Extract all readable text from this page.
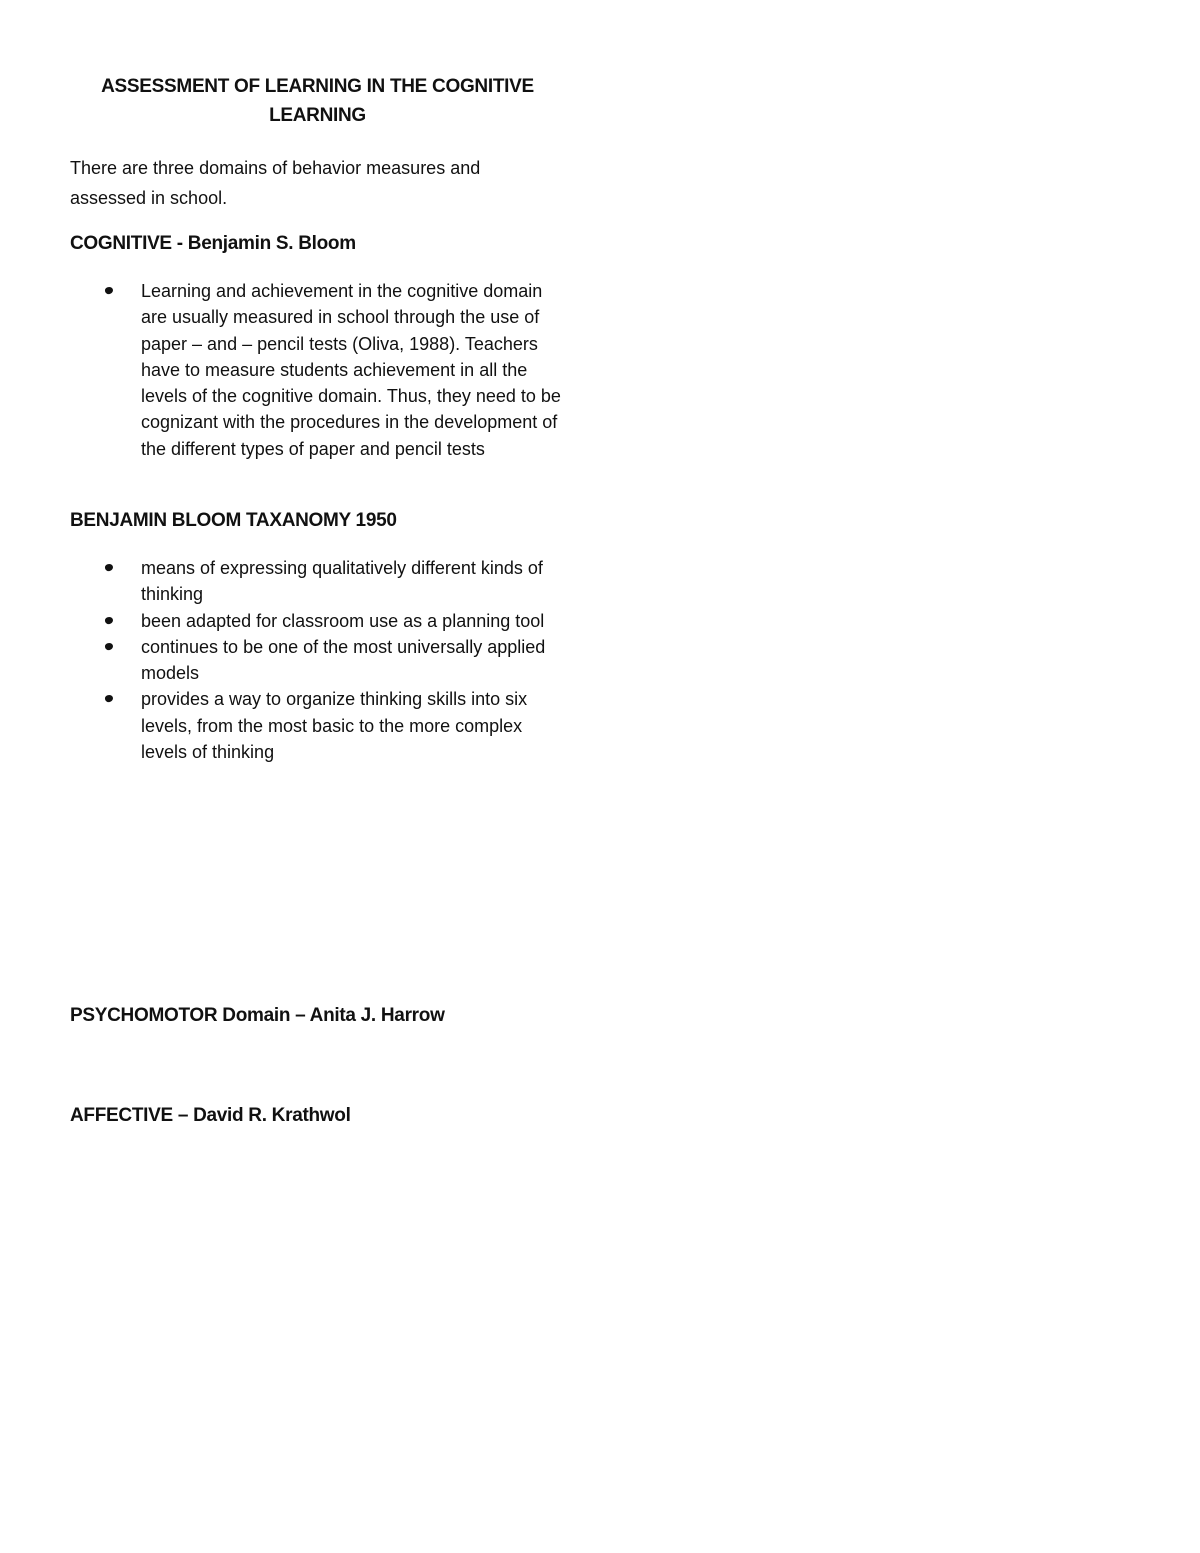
ASSESSMENT OF LEARNING IN THE COGNITIVE LEARNING
There are three domains of behavior measures and assessed in school.
COGNITIVE - Benjamin S. Bloom
Learning and achievement in the cognitive domain are usually measured in school through the use of paper – and – pencil tests (Oliva, 1988). Teachers have to measure students achievement in all the levels of the cognitive domain. Thus, they need to be cognizant with the procedures in the development of the different types of paper and pencil tests
BENJAMIN BLOOM TAXANOMY 1950
means of expressing qualitatively different kinds of thinking
been adapted for classroom use as a planning tool
continues to be one of the most universally applied models
provides a way to organize thinking skills into six levels, from the most basic to the more complex levels of thinking
PSYCHOMOTOR Domain – Anita J. Harrow
AFFECTIVE – David R. Krathwol
